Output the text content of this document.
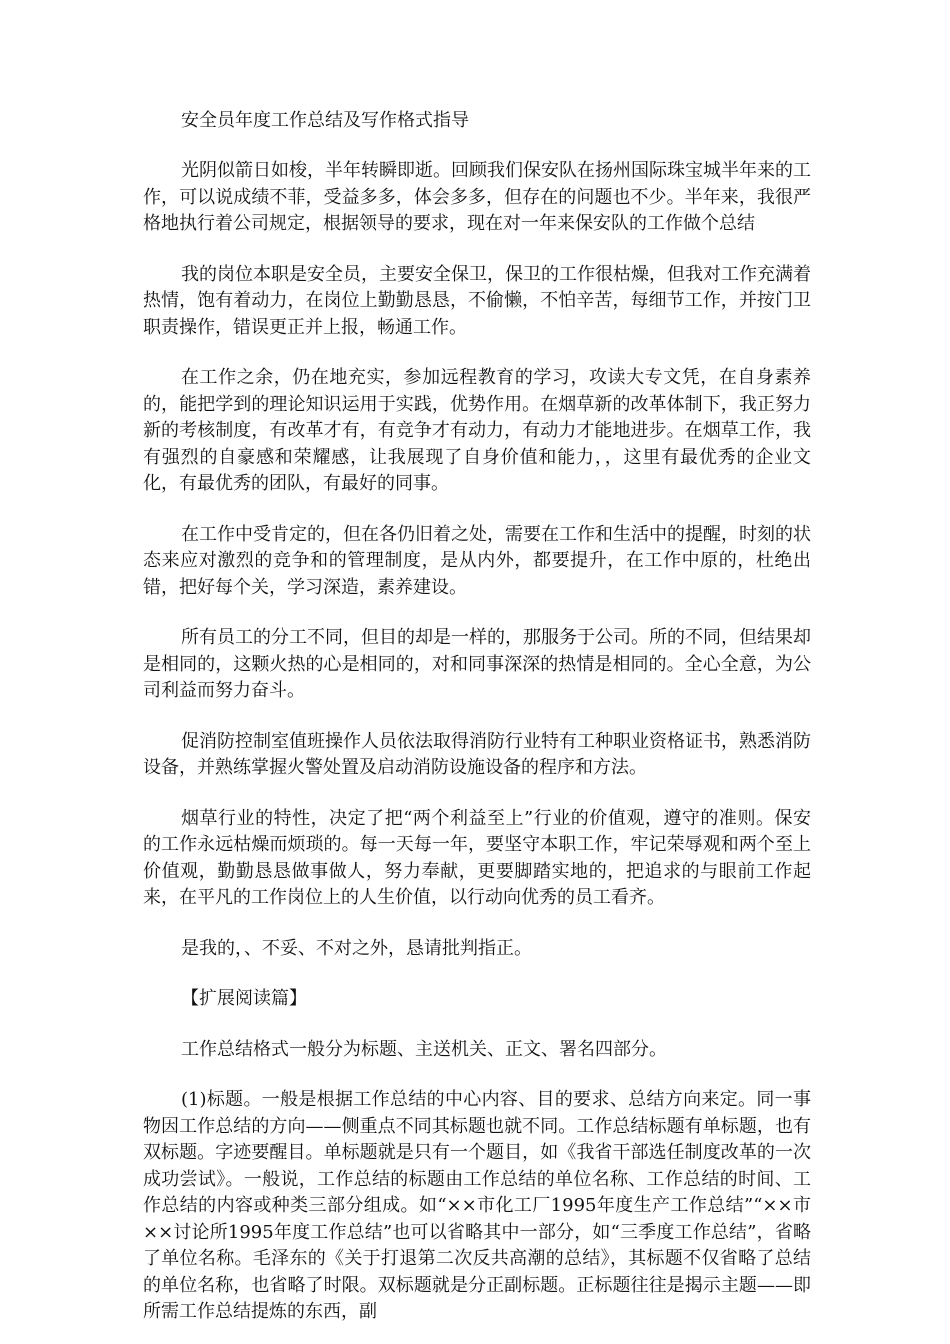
安全员年度工作总结及写作格式指导

光阴似箭日如梭，半年转瞬即逝。回顾我们保安队在扬州国际珠宝城半年来的工作，可以说成绩不菲，受益多多，体会多多，但存在的问题也不少。半年来，我很严格地执行着公司规定，根据领导的要求，现在对一年来保安队的工作做个总结

我的岗位本职是安全员，主要安全保卫，保卫的工作很枯燥，但我对工作充满着热情，饱有着动力，在岗位上勤勤恳恳，不偷懒，不怕辛苦，每细节工作，并按门卫职责操作，错误更正并上报，畅通工作。

在工作之余，仍在地充实，参加远程教育的学习，攻读大专文凭，在自身素养的，能把学到的理论知识运用于实践，优势作用。在烟草新的改革体制下，我正努力新的考核制度，有改革才有，有竞争才有动力，有动力才能地进步。在烟草工作，我有强烈的自豪感和荣耀感，让我展现了自身价值和能力，，这里有最优秀的企业文化，有最优秀的团队，有最好的同事。

在工作中受肯定的，但在各仍旧着之处，需要在工作和生活中的提醒，时刻的状态来应对激烈的竞争和的管理制度，是从内外，都要提升，在工作中原的，杜绝出错，把好每个关，学习深造，素养建设。

所有员工的分工不同，但目的却是一样的，那服务于公司。所的不同，但结果却是相同的，这颗火热的心是相同的，对和同事深深的热情是相同的。全心全意，为公司利益而努力奋斗。

促消防控制室值班操作人员依法取得消防行业特有工种职业资格证书，熟悉消防设备，并熟练掌握火警处置及启动消防设施设备的程序和方法。

烟草行业的特性，决定了把“两个利益至上”行业的价值观，遵守的准则。保安的工作永远枯燥而烦琐的。每一天每一年，要坚守本职工作，牢记荣辱观和两个至上价值观，勤勤恳恳做事做人，努力奉献，更要脚踏实地的，把追求的与眼前工作起来，在平凡的工作岗位上的人生价值，以行动向优秀的员工看齐。

是我的，、不妥、不对之外，恳请批判指正。

【扩展阅读篇】

工作总结格式一般分为标题、主送机关、正文、署名四部分。

(1)标题。一般是根据工作总结的中心内容、目的要求、总结方向来定。同一事物因工作总结的方向——侧重点不同其标题也就不同。工作总结标题有单标题，也有双标题。字迹要醒目。单标题就是只有一个题目，如《我省干部选任制度改革的一次成功尝试》。一般说，工作总结的标题由工作总结的单位名称、工作总结的时间、工作总结的内容或种类三部分组成。如“××市化工厂1995年度生产工作总结”“××市××讨论所1995年度工作总结”也可以省略其中一部分，如“三季度工作总结”，省略了单位名称。毛泽东的《关于打退第二次反共高潮的总结》，其标题不仅省略了总结的单位名称，也省略了时限。双标题就是分正副标题。正标题往往是揭示主题——即所需工作总结提炼的东西，副
